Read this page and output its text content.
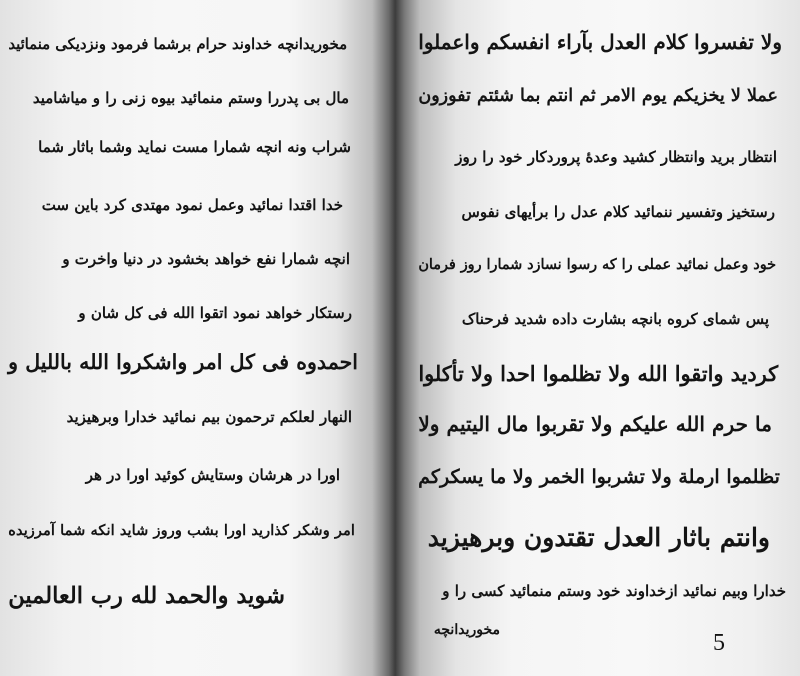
مخوریدانچه خداوند حرام برشما فرمود ونزدیکی منمائید
مال بی پدررا وستم منمائید بیوه زنی را و میاشامید
شراب ونه انچه شمارا مست نماید وشما باثار شما
خدا اقتدا نمائید وعمل نمود مهتدی کرد باین ست
انچه شمارا نفع خواهد بخشود در دنیا واخرت و
رستکار خواهد نمود اتقوا الله فی کل شان و
احمدوه فی کل امر واشکروا الله بالليل و
النهار لعلکم ترحمون بیم نمائید خدارا وبرهیزید
اورا در هرشان وستایش کوئید اورا در هر
امر وشکر کذارید اورا بشب وروز شاید انکه شما آمرزیده
شوید والحمد لله رب العالمین
ولا تفسروا کلام العدل بآراء انفسکم واعملوا
عملا لا یخزیکم یوم الامر ثم انتم بما شئتم تفوزون
انتظار برید وانتظار کشید وعدهٔ پروردکار خود را روز
رستخیز وتفسیر ننمائید کلام عدل را برأیهای نفوس
خود وعمل نمائید عملی را که رسوا نسازد شمارا روز فرمان
پس شمای کروه بانچه بشارت داده شدید فرحناک
کردید واتقوا الله ولا تظلموا احدا ولا تأکلوا
ما حرم الله علیکم ولا تقربوا مال الیتیم ولا
تظلموا ارملة ولا تشربوا الخمر ولا ما یسکرکم
وانتم باثار العدل تقتدون وبرهیزید
خدارا وبیم نمائید ازخداوند خود وستم منمائید کسی را و
مخوریدانچه	5
